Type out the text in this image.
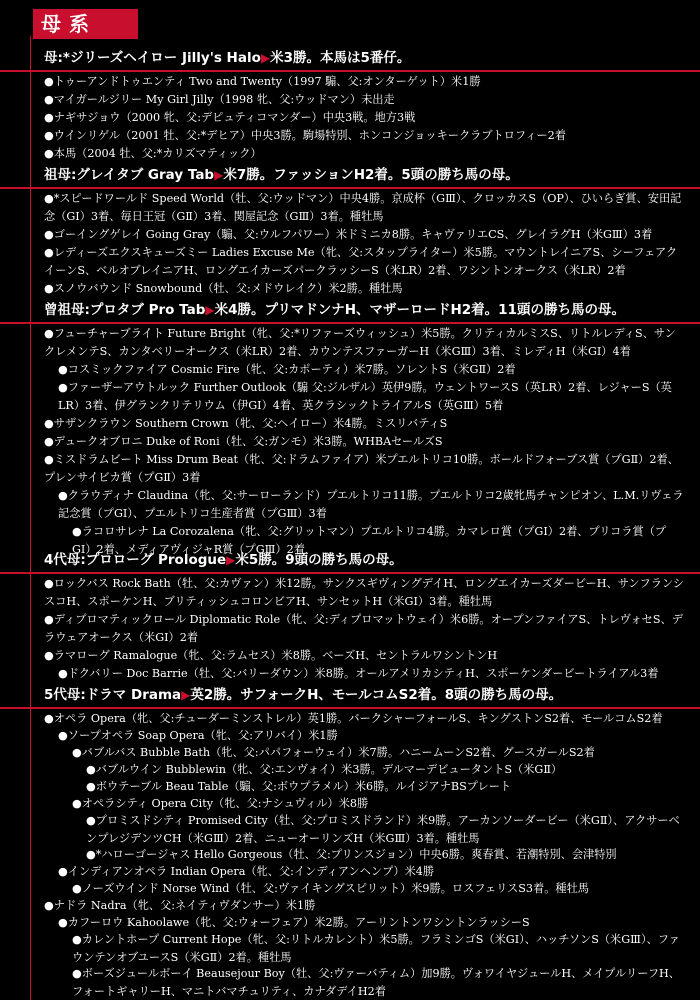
母系
母:*ジリーズヘイロー Jilly's Halo▶米3勝。本馬は5番仔。
●トゥーアンドトゥエンティ Two and Twenty（1997 騸、父:オンターゲット）米1勝
●マイガールジリー My Girl Jilly（1998 牝、父:ウッドマン）未出走
●ナギサジョウ（2000 牝、父:デピュティコマンダー）中央3戦。地方3戦
●ウインリゲル（2001 牡、父:*デヒア）中央3勝。駒場特別、ホンコンジョッキークラブトロフィー2着
●本馬（2004 牡、父:*カリズマティック）
祖母:グレイタブ Gray Tab▶米7勝。ファッションH2着。5頭の勝ち馬の母。
●*スピードワールド Speed World（牡、父:ウッドマン）中央4勝。京成杯（GⅢ）、クロッカスS（OP）、ひいらぎ賞、安田記念（GⅠ）3着、毎日王冠（GⅡ）3着、関屋記念（GⅢ）3着。種牡馬
●ゴーイングゲレイ Going Gray（騸、父:ウルフパワー）米ドミニカ8勝。キャヴァリエCS、グレイラグH（米GⅢ）3着
●レディーズエクスキューズミー Ladies Excuse Me（牝、父:スタップライター）米5勝。マウントレイニアS、シーフェアクイーンS、ベルオブレイニアH、ロングエイカーズパークラッシーS（米LR）2着、ワシントンオークス（米LR）2着
●スノウバウンド Snowbound（牡、父:メドウレイク）米2勝。種牡馬
曾祖母:プロタブ Pro Tab▶米4勝。プリマドンナH、マザーロードH2着。11頭の勝ち馬の母。
●フューチャーブライト Future Bright（牝、父:*リファーズウィッシュ）米5勝。クリティカルミスS、リトルレディS、サンクレメンテS、カンタベリーオークス（米LR）2着、カウンテスファーガーH（米GⅢ）3着、ミレディH（米GⅠ）4着
●コスミックファイア Cosmic Fire（牝、父:カポーティ）米7勝。ソレントS（米GⅡ）2着
●ファーザーアウトルック Further Outlook（騸 父:ジルザル）英伊9勝。ウェントワースS（英LR）2着、レジャーS（英LR）3着、伊グランクリテリウム（伊GⅠ）4着、英クラシックトライアルS（英GⅢ）5着
●サザンクラウン Southern Crown（牝、父:ヘイロー）米4勝。ミスリバティS
●デュークオブロニ Duke of Roni（牡、父:ガンモ）米3勝。WHBAセールズS
●ミスドラムビート Miss Drum Beat（牝、父:ドラムファイア）米プエルトリコ10勝。ボールドフォーブス賞（プGⅡ）2着、プレンサイビカ賞（プGⅡ）3着
●クラウディナ Claudina（牝、父:サーローランド）プエルトリコ11勝。プエルトリコ2歳牝馬チャンピオン、L.M.リヴェラ記念賞（プGⅠ）、プエルトリコ生産者賞（プGⅢ）3着
●ラコロサレナ La Corozalena（牝、父:グリットマン）プエルトリコ4勝。カマレロ賞（プGⅠ）2着、プリコラ賞（プGⅠ）2着、メディアヴィジャR賞（プGⅢ）2着
4代母:プロローグ Prologue▶米5勝。9頭の勝ち馬の母。
●ロックバス Rock Bath（牡、父:カヴァン）米12勝。サンクスギヴィングデイH、ロングエイカーズダービーH、サンフランシスコH、スポーケンH、ブリティッシュコロンビアH、サンセットH（米GⅠ）3着。種牡馬
●ディプロマティックロール Diplomatic Role（牝、父:ディプロマットウェイ）米6勝。オープンファイアS、トレヴォセS、デラウェアオークス（米GⅠ）2着
●ラマローグ Ramalogue（牝、父:ラムセス）米8勝。ベーズH、セントラルワシントンH
●ドクバリー Doc Barrie（牡、父:バリーダウン）米8勝。オールアメリカシティH、スポーケンダービートライアル3着
5代母:ドラマ Drama▶英2勝。サフォークH、モールコムS2着。8頭の勝ち馬の母。
●オペラ Opera（牝、父:チューダーミンストレル）英1勝。バークシャーフォールS、キングストンS2着、モールコムS2着
●ソープオペラ Soap Opera（牝、父:アリバイ）米1勝
●バブルバス Bubble Bath（牝、父:パパフォーウェイ）米7勝。ハニームーンS2着、グースガールS2着
●バブルウイン Bubblewin（牝、父:エンヴォイ）米3勝。デルマーデビュータントS（米GⅡ）
●ボウテーブル Beau Table（騸、父:ボウプラメル）米6勝。ルイジアナBSプレート
●オペラシティ Opera City（牝、父:ナシュヴィル）米8勝
●プロミスドシティ Promised City（牡、父:プロミスドランド）米9勝。アーカンソーダービー（米GⅡ）、アクサーベンプレジデンツCH（米GⅢ）2着、ニューオーリンズH（米GⅢ）3着。種牡馬
●*ハローゴージャス Hello Gorgeous（牡、父:プリンスジョン）中央6勝。爽春賞、若潮特別、会津特別
●インディアンオペラ Indian Opera（牝、父:インディアンヘンプ）米4勝
●ノーズウインド Norse Wind（牡、父:ヴァイキングスピリット）米9勝。ロスフェリスS3着。種牡馬
●ナドラ Nadra（牝、父:ネイティヴダンサー）米1勝
●カフーロウ Kahoolawe（牝、父:ウォーフェア）米2勝。アーリントンワシントンラッシーS
●カレントホープ Current Hope（牝、父:リトルカレント）米5勝。フラミンゴS（米GⅠ）、ハッチソンS（米GⅢ）、ファウンテンオブユースS（米GⅡ）2着。種牡馬
●ボーズジュールボーイ Beausejour Boy（牡、父:ヴァーバティム）加9勝。ヴォワイヤジュールH、メイプルリーフH、フォートギャリーH、マニトバマチュリティ、カナダデイH2着
